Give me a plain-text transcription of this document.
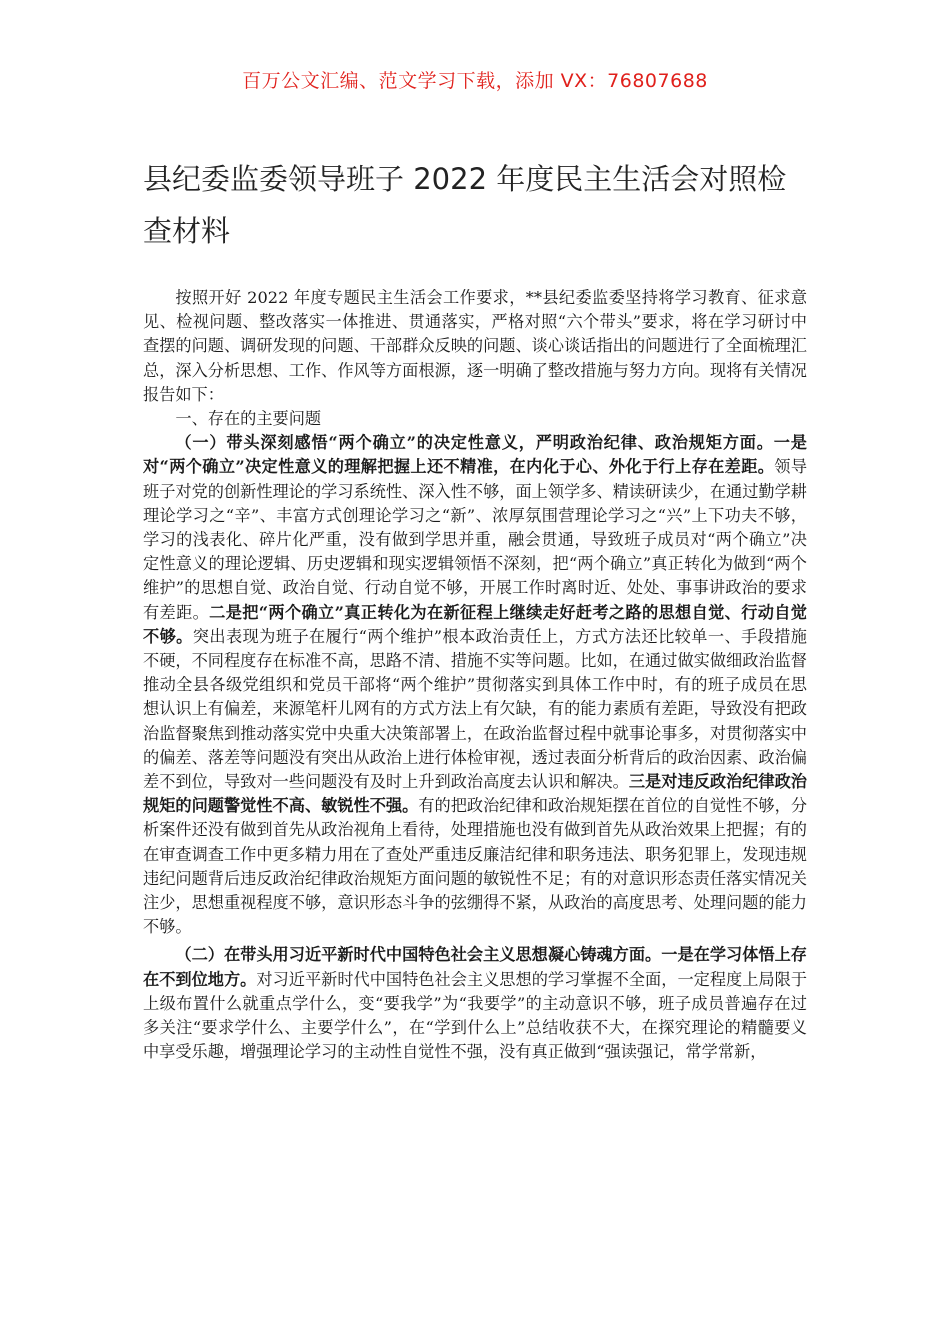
百万公文汇编、范文学习下载，添加 VX：76807688
县纪委监委领导班子 2022 年度民主生活会对照检查材料

按照开好 2022 年度专题民主生活会工作要求，**县纪委监委坚持将学习教育、征求意见、检视问题、整改落实一体推进、贯通落实，严格对照“六个带头”要求，将在学习研讨中查摆的问题、调研发现的问题、干部群众反映的问题、谈心谈话指出的问题进行了全面梳理汇总，深入分析思想、工作、作风等方面根源，逐一明确了整改措施与努力方向。现将有关情况报告如下：

一、存在的主要问题

（一）带头深刻感悟“两个确立”的决定性意义，严明政治纪律、政治规矩方面。一是对“两个确立”决定性意义的理解把握上还不精准，在内化于心、外化于行上存在差距。领导班子对党的创新性理论的学习系统性、深入性不够，面上领学多、精读研读少，在通过勤学耕理论学习之“辛”、丰富方式创理论学习之“新”、浓厚氛围营理论学习之“兴”上下功夫不够，学习的浅表化、碎片化严重，没有做到学思并重，融会贯通，导致班子成员对“两个确立”决定性意义的理论逻辑、历史逻辑和现实逻辑领悟不深刻，把“两个确立”真正转化为做到“两个维护”的思想自觉、政治自觉、行动自觉不够，开展工作时离时近、处处、事事讲政治的要求有差距。二是把“两个确立”真正转化为在新征程上继续走好赶考之路的思想自觉、行动自觉不够。突出表现为班子在履行“两个维护”根本政治责任上，方式方法还比较单一、手段措施不硬，不同程度存在标准不高，思路不清、措施不实等问题。比如，在通过做实做细政治监督推动全县各级党组织和党员干部将“两个维护”贯彻落实到具体工作中时，有的班子成员在思想认识上有偏差，来源笔杆儿网有的方式方法上有欠缺，有的能力素质有差距，导致没有把政治监督聚焦到推动落实党中央重大决策部署上，在政治监督过程中就事论事多，对贯彻落实中的偏差、落差等问题没有突出从政治上进行体检审视，透过表面分析背后的政治因素、政治偏差不到位，导致对一些问题没有及时上升到政治高度去认识和解决。三是对违反政治纪律政治规矩的问题警觉性不高、敏锐性不强。有的把政治纪律和政治规矩摆在首位的自觉性不够，分析案件还没有做到首先从政治视角上看待，处理措施也没有做到首先从政治效果上把握；有的在审查调查工作中更多精力用在了查处严重违反廉洁纪律和职务违法、职务犯罪上，发现违规违纪问题背后违反政治纪律政治规矩方面问题的敏锐性不足；有的对意识形态责任落实情况关注少，思想重视程度不够，意识形态斗争的弦绷得不紧，从政治的高度思考、处理问题的能力不够。

（二）在带头用习近平新时代中国特色社会主义思想凝心铸魂方面。一是在学习体悟上存在不到位地方。对习近平新时代中国特色社会主义思想的学习掌握不全面，一定程度上局限于上级布置什么就重点学什么，变“要我学”为“我要学”的主动意识不够，班子成员普遍存在过多关注“要求学什么、主要学什么”，在“学到什么上”总结收获不大，在探究理论的精髓要义中享受乐趣，增强理论学习的主动性自觉性不强，没有真正做到“强读强记，常学常新，
